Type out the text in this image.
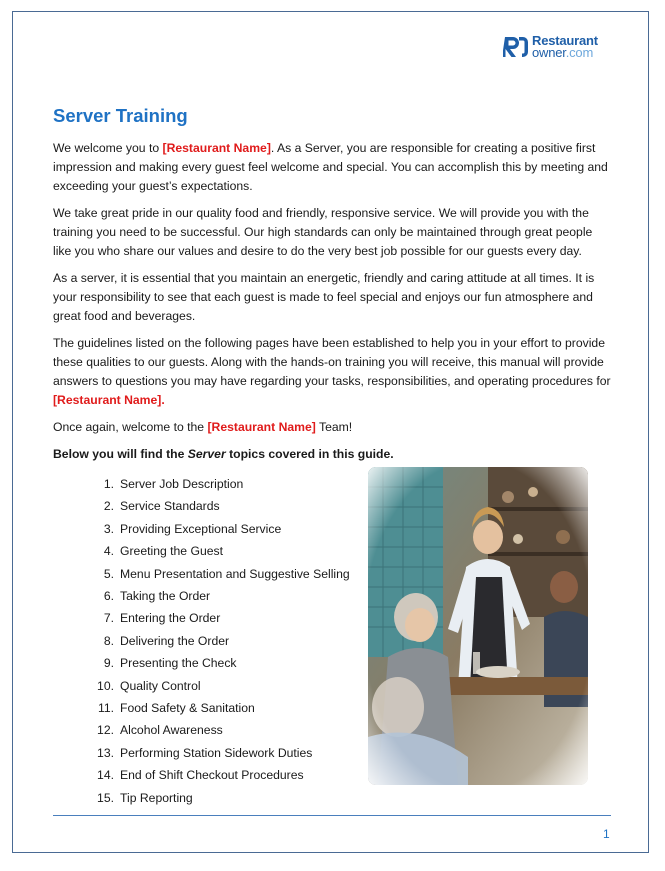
Restaurant
owner.com
Server Training

We welcome you to [Restaurant Name]. As a Server, you are responsible for creating a positive first impression and making every guest feel welcome and special. You can accomplish this by meeting and exceeding your guest’s expectations.

We take great pride in our quality food and friendly, responsive service. We will provide you with the training you need to be successful. Our high standards can only be maintained through great people like you who share our values and desire to do the very best job possible for our guests every day.

As a server, it is essential that you maintain an energetic, friendly and caring attitude at all times. It is your responsibility to see that each guest is made to feel special and enjoys our fun atmosphere and great food and beverages.

The guidelines listed on the following pages have been established to help you in your effort to provide these qualities to our guests. Along with the hands-on training you will receive, this manual will provide answers to questions you may have regarding your tasks, responsibilities, and operating procedures for [Restaurant Name].

Once again, welcome to the [Restaurant Name] Team!

Below you will find the Server topics covered in this guide.

1. Server Job Description
2. Service Standards
3. Providing Exceptional Service
4. Greeting the Guest
5. Menu Presentation and Suggestive Selling
6. Taking the Order
7. Entering the Order
8. Delivering the Order
9. Presenting the Check
10. Quality Control
11. Food Safety & Sanitation
12. Alcohol Awareness
13. Performing Station Sidework Duties
14. End of Shift Checkout Procedures
15. Tip Reporting
1
